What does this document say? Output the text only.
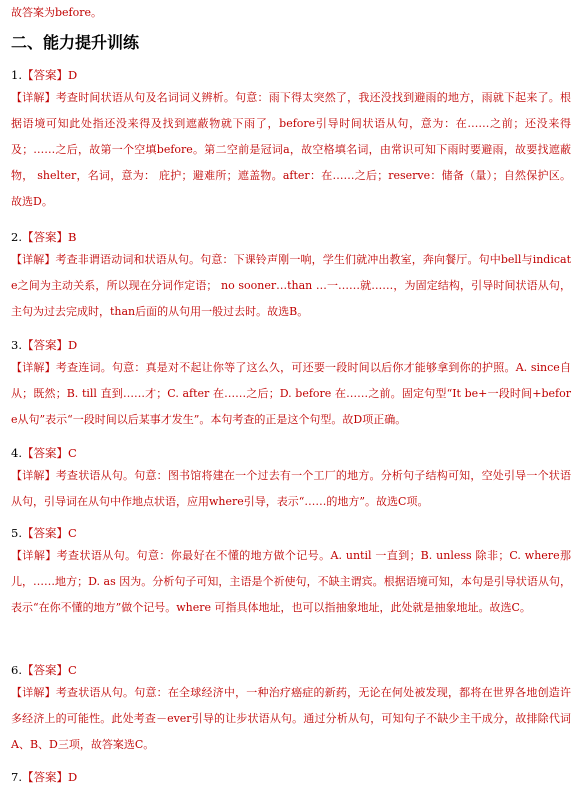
故答案为before。
二、能力提升训练
1.【答案】D
【详解】考查时间状语从句及名词词义辨析。句意：雨下得太突然了，我还没找到避雨的地方，雨就下起来了。根据语境可知此处指还没来得及找到遮蔽物就下雨了，before引导时间状语从句，意为：在……之前；还没来得及；……之后，故第一个空填before。第二空前是冠词a，故空格填名词，由常识可知下雨时要避雨，故要找遮蔽物， shelter，名词，意为： 庇护；避难所；遮盖物。after：在……之后；reserve：储备（量）；自然保护区。故选D。
2.【答案】B
【详解】考查非谓语动词和状语从句。句意：下课铃声刚一响，学生们就冲出教室，奔向餐厅。句中bell与indicate之间为主动关系，所以现在分词作定语； no sooner…than …一……就……，为固定结构，引导时间状语从句，主句为过去完成时，than后面的从句用一般过去时。故选B。
3.【答案】D
【详解】考查连词。句意：真是对不起让你等了这么久，可还要一段时间以后你才能够拿到你的护照。A. since自从；既然；B. till 直到……才；C. after 在……之后；D. before 在……之前。固定句型“It be+一段时间+before从句”表示“一段时间以后某事才发生”。本句考查的正是这个句型。故D项正确。
4.【答案】C
【详解】考查状语从句。句意：图书馆将建在一个过去有一个工厂的地方。分析句子结构可知，空处引导一个状语从句，引导词在从句中作地点状语，应用where引导，表示“……的地方”。故选C项。
5.【答案】C
【详解】考查状语从句。句意：你最好在不懂的地方做个记号。A. until 一直到；B. unless 除非；C. where那儿，……地方；D. as 因为。分析句子可知，主语是个祈使句，不缺主谓宾。根据语境可知，本句是引导状语从句，表示“在你不懂的地方”做个记号。where 可指具体地址，也可以指抽象地址，此处就是抽象地址。故选C。
6.【答案】C
【详解】考查状语从句。句意：在全球经济中，一种治疗癌症的新药，无论在何处被发现，都将在世界各地创造许多经济上的可能性。此处考查－ever引导的让步状语从句。通过分析从句，可知句子不缺少主干成分，故排除代词A、B、D三项，故答案选C。
7.【答案】D
